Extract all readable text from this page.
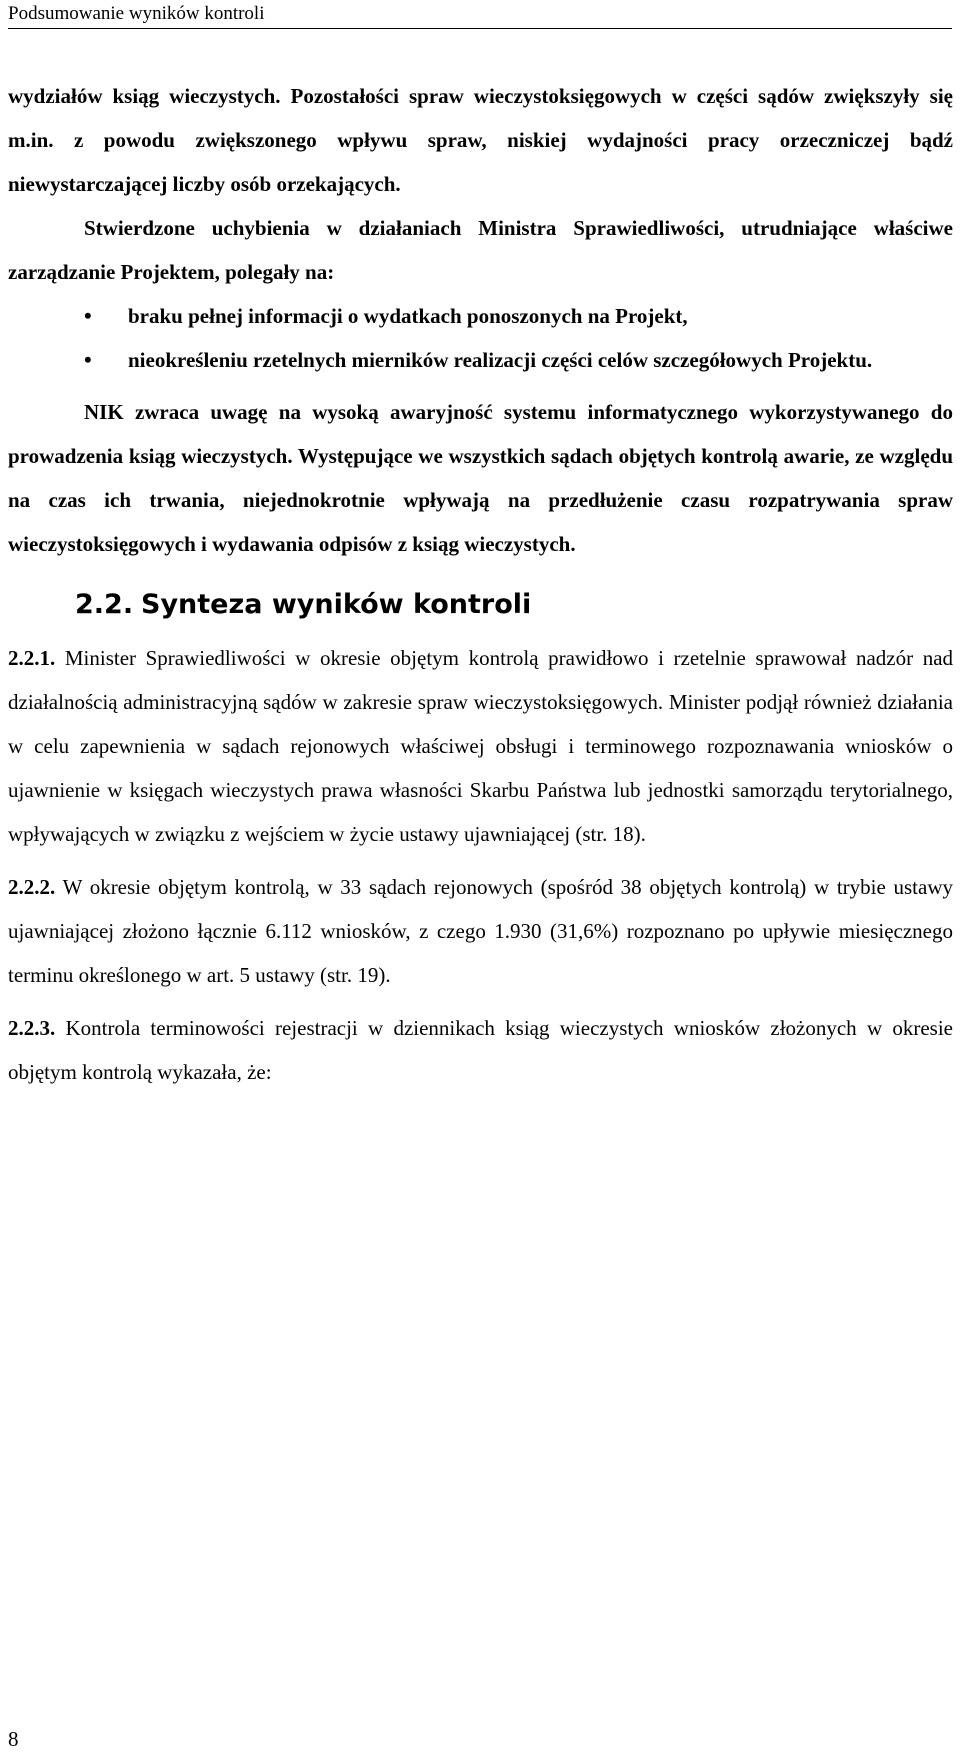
Podsumowanie wyników kontroli

wydziałów ksiąg wieczystych. Pozostałości spraw wieczystoksięgowych w części sądów zwiększyły się m.in. z powodu zwiększonego wpływu spraw, niskiej wydajności pracy orzeczniczej bądź niewystarczającej liczby osób orzekających.

Stwierdzone uchybienia w działaniach Ministra Sprawiedliwości, utrudniające właściwe zarządzanie Projektem, polegały na:

• braku pełnej informacji o wydatkach ponoszonych na Projekt,
• nieokreśleniu rzetelnych mierników realizacji części celów szczegółowych Projektu.

NIK zwraca uwagę na wysoką awaryjność systemu informatycznego wykorzystywanego do prowadzenia ksiąg wieczystych. Występujące we wszystkich sądach objętych kontrolą awarie, ze względu na czas ich trwania, niejednokrotnie wpływają na przedłużenie czasu rozpatrywania spraw wieczystoksięgowych i wydawania odpisów z ksiąg wieczystych.

2.2. Synteza wyników kontroli

2.2.1. Minister Sprawiedliwości w okresie objętym kontrolą prawidłowo i rzetelnie sprawował nadzór nad działalnością administracyjną sądów w zakresie spraw wieczystoksięgowych. Minister podjął również działania w celu zapewnienia w sądach rejonowych właściwej obsługi i terminowego rozpoznawania wniosków o ujawnienie w księgach wieczystych prawa własności Skarbu Państwa lub jednostki samorządu terytorialnego, wpływających w związku z wejściem w życie ustawy ujawniającej (str. 18).

2.2.2. W okresie objętym kontrolą, w 33 sądach rejonowych (spośród 38 objętych kontrolą) w trybie ustawy ujawniającej złożono łącznie 6.112 wniosków, z czego 1.930 (31,6%) rozpoznano po upływie miesięcznego terminu określonego w art. 5 ustawy (str. 19).

2.2.3. Kontrola terminowości rejestracji w dziennikach ksiąg wieczystych wniosków złożonych w okresie objętym kontrolą wykazała, że:

8
